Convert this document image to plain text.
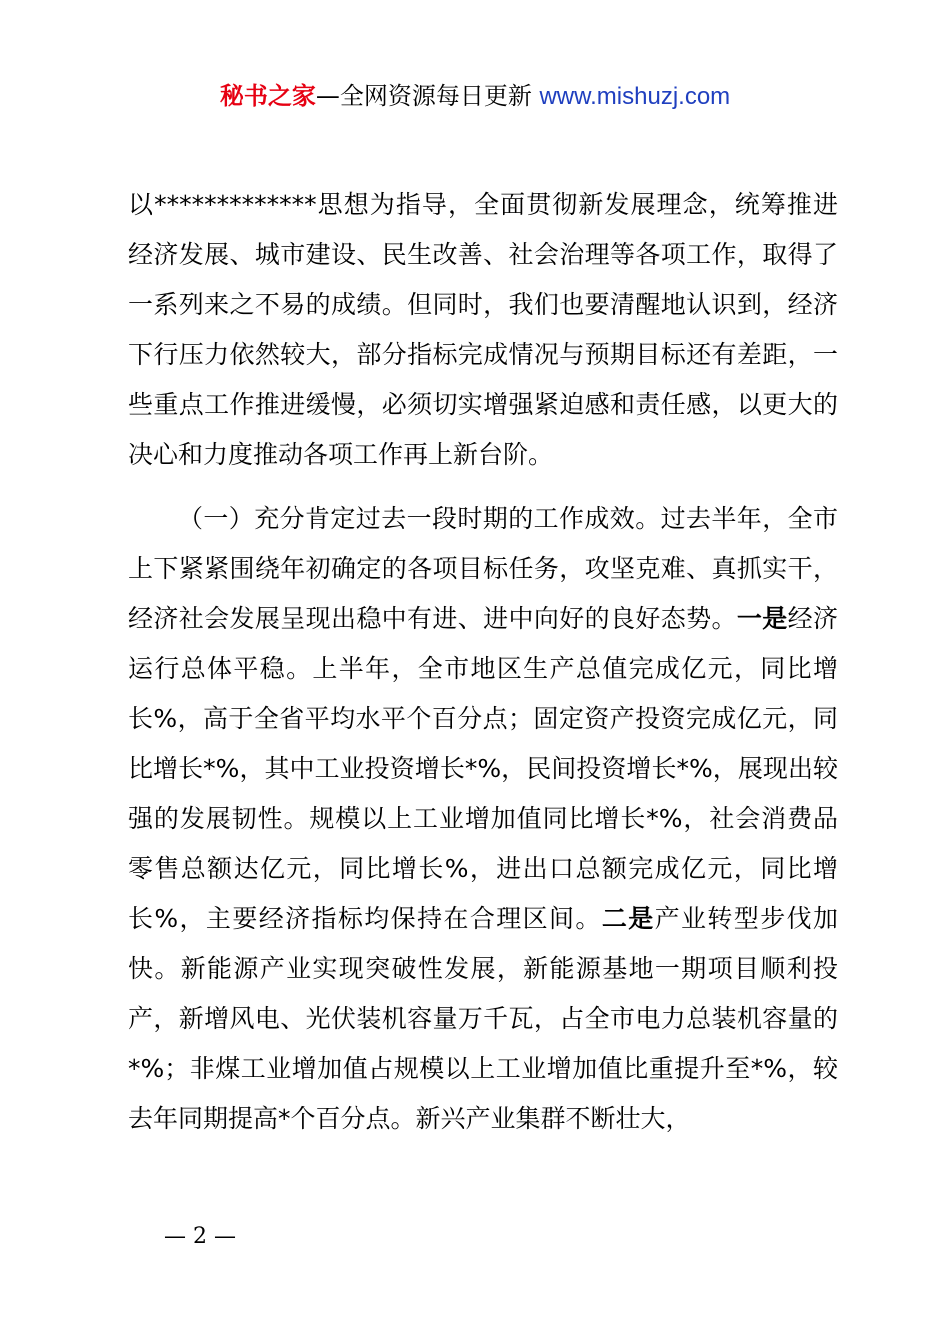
秘书之家—全网资源每日更新 www.mishuzj.com

以*************思想为指导，全面贯彻新发展理念，统筹推进经济发展、城市建设、民生改善、社会治理等各项工作，取得了一系列来之不易的成绩。但同时，我们也要清醒地认识到，经济下行压力依然较大，部分指标完成情况与预期目标还有差距，一些重点工作推进缓慢，必须切实增强紧迫感和责任感，以更大的决心和力度推动各项工作再上新台阶。

（一）充分肯定过去一段时期的工作成效。过去半年，全市上下紧紧围绕年初确定的各项目标任务，攻坚克难、真抓实干，经济社会发展呈现出稳中有进、进中向好的良好态势。一是经济运行总体平稳。上半年，全市地区生产总值完成亿元，同比增长%，高于全省平均水平个百分点；固定资产投资完成亿元，同比增长*%，其中工业投资增长*%，民间投资增长*%，展现出较强的发展韧性。规模以上工业增加值同比增长*%，社会消费品零售总额达亿元，同比增长%，进出口总额完成亿元，同比增长%，主要经济指标均保持在合理区间。二是产业转型步伐加快。新能源产业实现突破性发展，新能源基地一期项目顺利投产，新增风电、光伏装机容量万千瓦，占全市电力总装机容量的*%；非煤工业增加值占规模以上工业增加值比重提升至*%，较去年同期提高*个百分点。新兴产业集群不断壮大，

— 2 —
